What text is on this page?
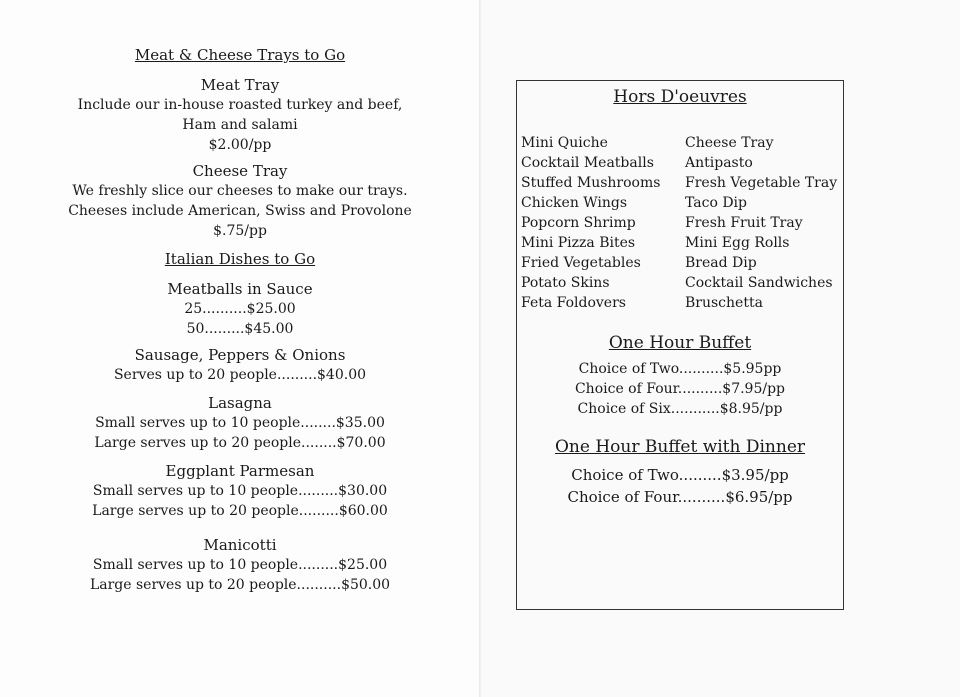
Meat & Cheese Trays to Go
Meat Tray
Include our in-house roasted turkey and beef,
Ham and salami
$2.00/pp
Cheese Tray
We freshly slice our cheeses to make our trays.
Cheeses include American, Swiss and Provolone
$.75/pp
Italian Dishes to Go
Meatballs in Sauce
25..........$25.00
50.........$45.00
Sausage, Peppers & Onions
Serves up to 20 people.........$40.00
Lasagna
Small serves up to 10 people........$35.00
Large serves up to 20 people........$70.00
Eggplant Parmesan
Small serves up to 10 people.........$30.00
Large serves up to 20 people.........$60.00
Manicotti
Small serves up to 10 people.........$25.00
Large serves up to 20 people..........$50.00
Hors D'oeuvres
Mini Quiche
Cocktail Meatballs
Stuffed Mushrooms
Chicken Wings
Popcorn Shrimp
Mini Pizza Bites
Fried Vegetables
Potato Skins
Feta Foldovers
Cheese Tray
Antipasto
Fresh Vegetable Tray
Taco Dip
Fresh Fruit Tray
Mini Egg Rolls
Bread Dip
Cocktail Sandwiches
Bruschetta
One Hour Buffet
Choice of Two..........$5.95pp
Choice of Four..........$7.95/pp
Choice of Six...........$8.95/pp
One Hour Buffet with Dinner
Choice of Two.........$3.95/pp
Choice of Four..........$6.95/pp
